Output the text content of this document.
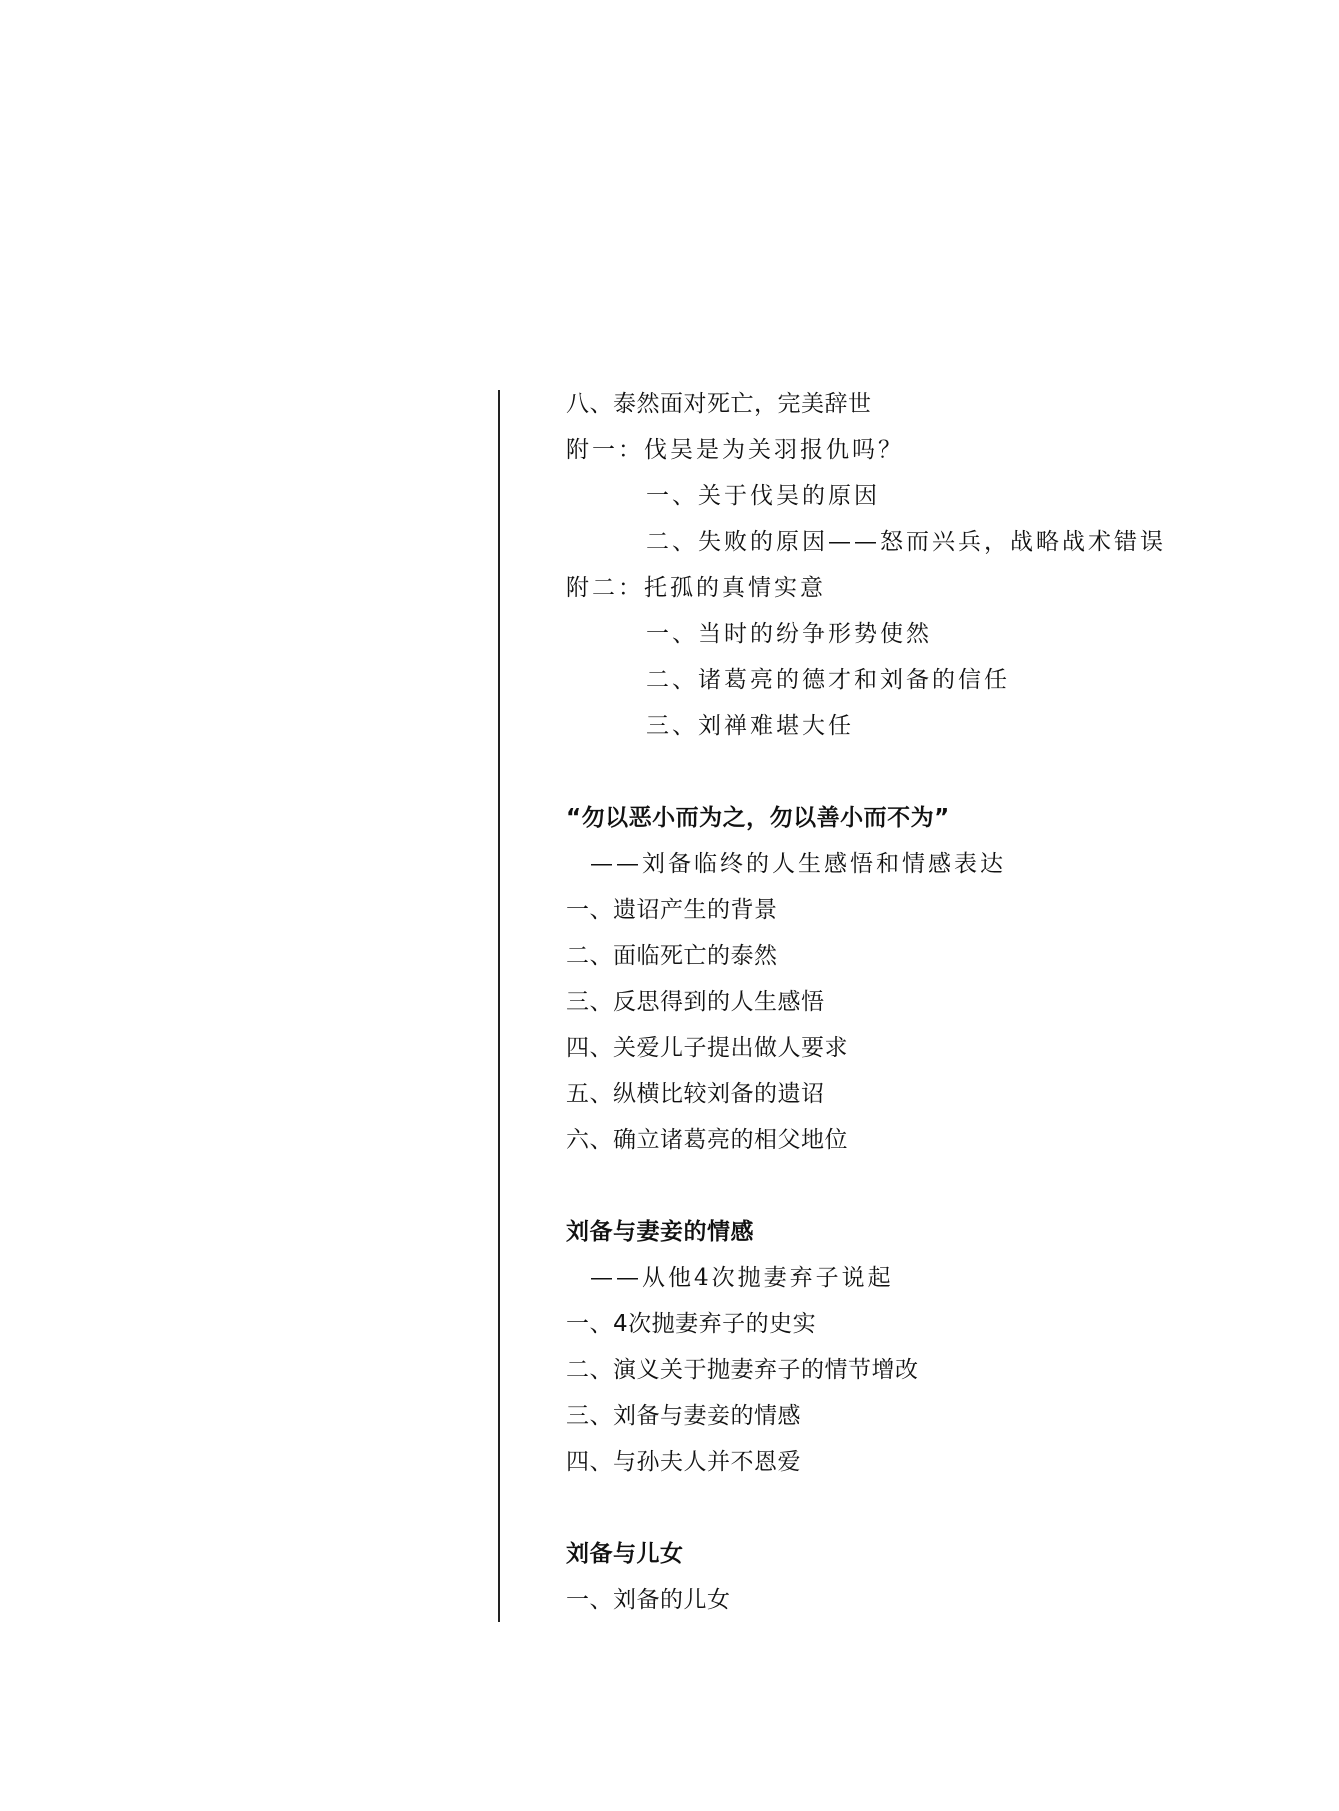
八、泰然面对死亡，完美辞世
附一：伐吴是为关羽报仇吗？
一、关于伐吴的原因
二、失败的原因——怒而兴兵，战略战术错误
附二：托孤的真情实意
一、当时的纷争形势使然
二、诸葛亮的德才和刘备的信任
三、刘禅难堪大任
“勿以恶小而为之，勿以善小而不为”
——刘备临终的人生感悟和情感表达
一、遗诏产生的背景
二、面临死亡的泰然
三、反思得到的人生感悟
四、关爱儿子提出做人要求
五、纵横比较刘备的遗诏
六、确立诸葛亮的相父地位
刘备与妻妾的情感
——从他4次抛妻弃子说起
一、4次抛妻弃子的史实
二、演义关于抛妻弃子的情节增改
三、刘备与妻妾的情感
四、与孙夫人并不恩爱
刘备与儿女
一、刘备的儿女
